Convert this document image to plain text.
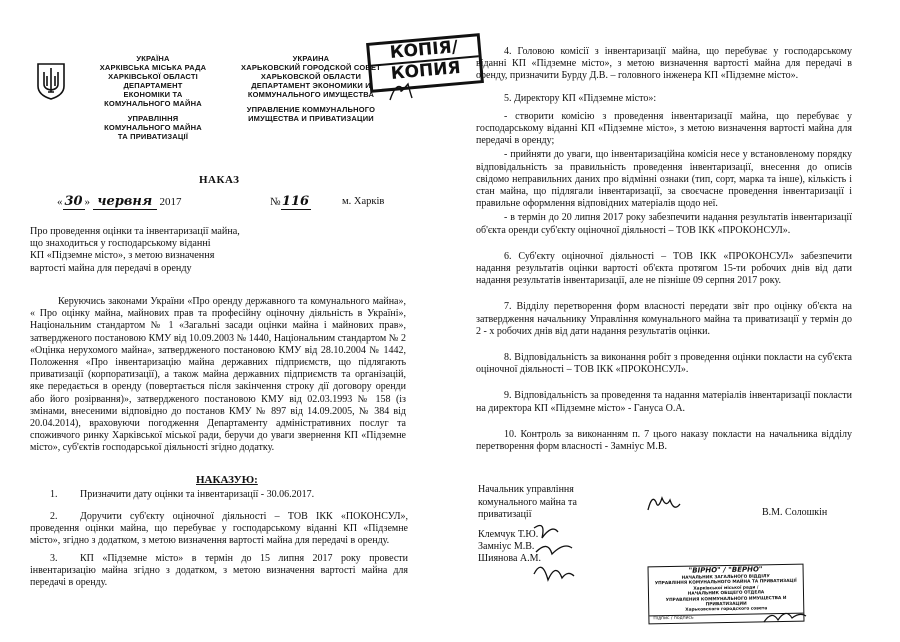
УКРАЇНА
ХАРКІВСЬКА МІСЬКА РАДА
ХАРКІВСЬКОЇ ОБЛАСТІ
ДЕПАРТАМЕНТ
ЕКОНОМІКИ ТА
КОМУНАЛЬНОГО МАЙНА
УПРАВЛІННЯ
КОМУНАЛЬНОГО МАЙНА
ТА ПРИВАТИЗАЦІЇ
УКРАИНА
ХАРЬКОВСКИЙ ГОРОДСКОЙ СОВЕТ
ХАРЬКОВСКОЙ ОБЛАСТИ
ДЕПАРТАМЕНТ ЭКОНОМИКИ И
КОММУНАЛЬНОГО ИМУЩЕСТВА
УПРАВЛЕНИЕ КОММУНАЛЬНОГО
ИМУЩЕСТВА И ПРИВАТИЗАЦИИ
КОПІЯ/
КОПИЯ
НАКАЗ
« 30 » червня 2017	№116	м. Харків
Про проведення оцінки та інвентаризації майна,
що знаходиться у господарському віданні
КП «Підземне місто», з метою визначення
вартості майна для передачі в оренду
Керуючись законами України «Про оренду державного та комунального майна», « Про оцінку майна, майнових прав та професійну оціночну діяльність в Україні», Національним стандартом № 1 «Загальні засади оцінки майна і майнових прав», затвердженого постановою КМУ від 10.09.2003 № 1440, Національним стандартом № 2 «Оцінка нерухомого майна», затвердженого постановою КМУ від 28.10.2004 № 1442, Положення «Про інвентаризацію майна державних підприємств, що підлягають приватизації (корпоратизації), а також майна державних підприємств та організацій, яке передається в оренду (повертається після закінчення строку дії договору оренди або його розірвання)», затвердженого постановою КМУ від 02.03.1993 № 158 (із змінами, внесеними відповідно до постанов КМУ № 897 від 14.09.2005, № 384 від 20.04.2014), враховуючи погодження Департаменту адміністративних послуг та споживчого ринку Харківської міської ради, беручи до уваги звернення КП «Підземне місто», суб'єктів господарської діяльності згідно додатку.
НАКАЗУЮ:

1. Призначити дату оцінки та інвентаризації - 30.06.2017.

2. Доручити суб'єкту оціночної діяльності – ТОВ ІКК «ПОКОНСУЛ», проведення оцінки майна, що перебуває у господарському віданні КП «Підземне місто», згідно з додатком, з метою визначення вартості майна для передачі в оренду.

3. КП «Підземне місто» в термін до 15 липня 2017 року провести інвентаризацію майна згідно з додатком, з метою визначення вартості майна для передачі в оренду.

4. Головою комісії з інвентаризації майна, що перебуває у господарському віданні КП «Підземне місто», з метою визначення вартості майна для передачі в оренду, призначити Бурду Д.В. – головного інженера КП «Підземне місто».

5. Директору КП «Підземне місто»:

- створити комісію з проведення інвентаризації майна, що перебуває у господарському віданні КП «Підземне місто», з метою визначення вартості майна для передачі в оренду;

- прийняти до уваги, що інвентаризаційна комісія несе у встановленому порядку відповідальність за правильність проведення інвентаризації, внесення до описів свідомо неправильних даних про відмінні ознаки (тип, сорт, марка та інше), кількість і стан майна, що підлягали інвентаризації, за своєчасне проведення інвентаризації і правильне оформлення відповідних матеріалів щодо неї.

- в термін до 20 липня 2017 року забезпечити надання результатів інвентаризації об'єкта оренди суб'єкту оціночної діяльності – ТОВ ІКК «ПРОКОНСУЛ».

6. Суб'єкту оціночної діяльності – ТОВ ІКК «ПРОКОНСУЛ» забезпечити надання результатів оцінки вартості об'єкта протягом 15-ти робочих днів від дати надання результатів інвентаризації, але не пізніше 09 серпня 2017 року.

7. Відділу перетворення форм власності передати звіт про оцінку об'єкта на затвердження начальнику Управління комунального майна та приватизації у термін до 2 - х робочих днів від дати надання результатів оцінки.

8. Відповідальність за виконання робіт з проведення оцінки покласти на суб'єкта оціночної діяльності – ТОВ ІКК «ПРОКОНСУЛ».

9. Відповідальність за проведення та надання матеріалів інвентаризації покласти на директора КП «Підземне місто» - Гануса О.А.

10. Контроль за виконанням п. 7 цього наказу покласти на начальника відділу перетворення форм власності - Замніус М.В.

Начальник управління
комунального майна та
приватизації	В.М. Солошкін
Клемчук Т.Ю.
Замніус М.В.
Шиянова А.М.
"ВІРНО" / "ВЕРНО"
НАЧАЛЬНИК ЗАГАЛЬНОГО ВІДДІЛУ
УПРАВЛІННЯ КОМУНАЛЬНОГО МАЙНА ТА ПРИВАТИЗАЦІЇ
Харківської міської ради /
НАЧАЛЬНИК ОБЩЕГО ОТДЕЛА
УПРАВЛЕНИЯ КОММУНАЛЬНОГО ИМУЩЕСТВА И ПРИВАТИЗАЦИИ
Харьковского городского совета
Підпис / подпись
